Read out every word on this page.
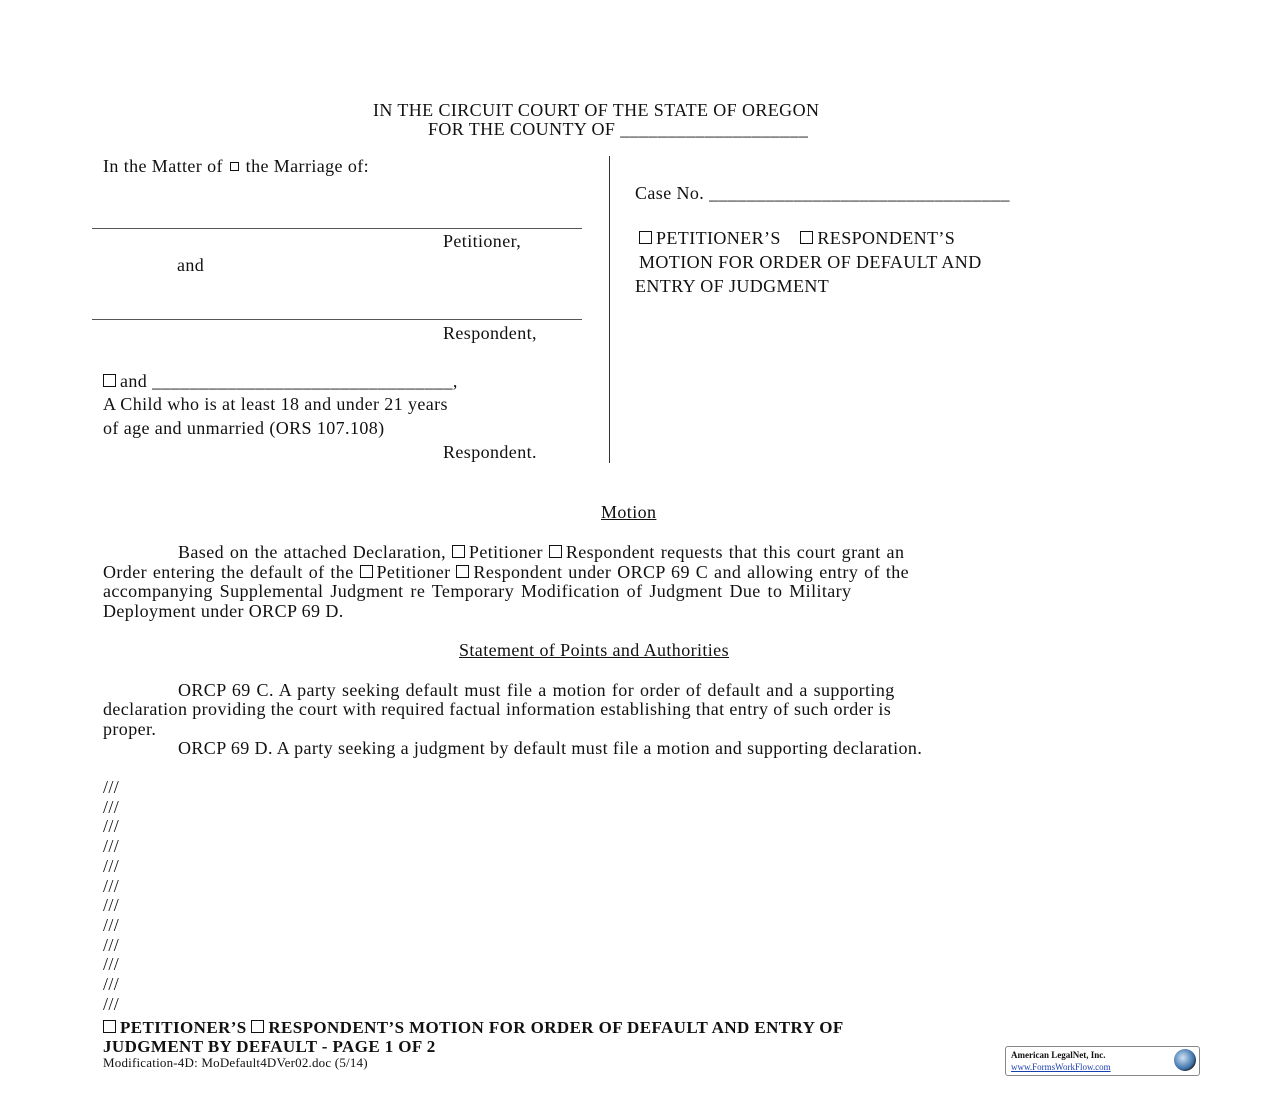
IN THE CIRCUIT COURT OF THE STATE OF OREGON
FOR THE COUNTY OF ____________________
In the Matter of the Marriage of:
Petitioner,
and
Respondent,
and ________________________________,
A Child who is at least 18 and under 21 years
of age and unmarried (ORS 107.108)
Respondent.
Case No. ________________________________
PETITIONER’S RESPONDENT’S
MOTION FOR ORDER OF DEFAULT AND
ENTRY OF JUDGMENT
Motion
Based on the attached Declaration, Petitioner Respondent requests that this court grant an
Order entering the default of the Petitioner Respondent under ORCP 69 C and allowing entry of the
accompanying Supplemental Judgment re Temporary Modification of Judgment Due to Military
Deployment under ORCP 69 D.
Statement of Points and Authorities
ORCP 69 C. A party seeking default must file a motion for order of default and a supporting
declaration providing the court with required factual information establishing that entry of such order is
proper.
ORCP 69 D. A party seeking a judgment by default must file a motion and supporting declaration.
///
///
///
///
///
///
///
///
///
///
///
///
PETITIONER’S RESPONDENT’S MOTION FOR ORDER OF DEFAULT AND ENTRY OF
JUDGMENT BY DEFAULT - PAGE 1 OF 2
Modification-4D: MoDefault4DVer02.doc (5/14)	American LegalNet, Inc.
www.FormsWorkFlow.com
